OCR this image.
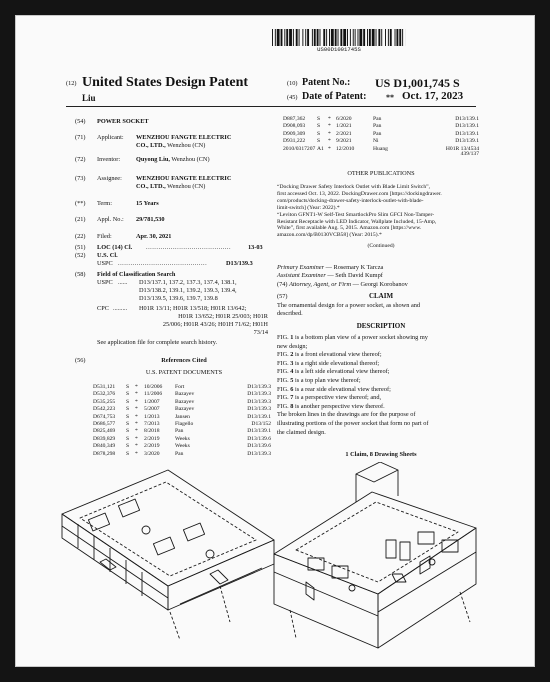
US00D1001745S
(12) United States Design Patent	(10) Patent No.: US D1,001,745 S
Liu	(45) Date of Patent: ** Oct. 17, 2023
(54) POWER SOCKET
(71) Applicant: WENZHOU FANGTE ELECTRIC
CO., LTD., Wenzhou (CN)
(72) Inventor:	Quyong Liu, Wenzhou (CN)
(73) Assignee: WENZHOU FANGTE ELECTRIC
CO., LTD., Wenzhou (CN)
(**) Term:	15 Years
(21) Appl. No.: 29/781,530
(22) Filed:	Apr. 30, 2021
(51) LOC (14) Cl. .........................................	13-03
(52) U.S. Cl.
USPC ...........................................	D13/139.3
(58) Field of Classification Search
USPC ...... D13/137.1, 137.2, 137.3, 137.4, 138.1,
D13/138.2, 139.1, 139.2, 139.3, 139.4,
D13/139.5, 139.6, 139.7, 139.8
CPC ......... H01R 13/11; H01R 13/518; H01R 13/642;
H01R 13/652; H01R 25/003; H01R
25/006; H01R 43/26; H01H 71/62; H01H
73/14
See application file for complete search history.
(56)	References Cited
U.S. PATENT DOCUMENTS
D531,121 S * 10/2006 Fort	D13/139.3
D532,376 S * 11/2006 Bazayev	D13/139.3
D535,255 S * 1/2007	Bazayev	D13/139.3
D542,223 S * 5/2007	Bazayev	D13/139.3
D674,753 S * 1/2013	Jansen	D13/139.1
D686,577 S * 7/2013	Flagello	D13/152
D825,469 S * 8/2018	Pan	D13/139.1
D839,829 S * 2/2019	Weeks	D13/139.6
D840,349 S * 2/2019	Weeks	D13/139.6
D878,298 S * 3/2020	Pan	D13/139.3
D887,362 S * 6/2020	Pan	D13/139.1
D908,093 S * 1/2021	Pan	D13/139.1
D909,309 S * 2/2021	Pan	D13/139.1
D931,222 S * 9/2021	Ni	D13/139.1
2010/0317207 A1 * 12/2010	Huang	H01R 13/4534
439/137
OTHER PUBLICATIONS
“Docking Drawer Safety Interlock Outlet with Blade Limit Switch”,
first accessed Oct. 13, 2022. DockingDrawer.com [https://dockingdrawer.
com/products/docking-drawer-safety-interlock-outlet-with-blade-
limit-switch] (Year: 2022).*
“Leviton GFNT1-W Self-Test SmartlockPro Slim GFCI Non-Tamper-
Resistant Receptacle with LED Indicator, Wallplate Included, 15-Amp,
White”, first available Aug. 5, 2015. Amazon.com [https://www.
amazon.com/dp/B0130VCB58] (Year: 2015).*
(Continued)
Primary Examiner — Rosemary K Tarcza
Assistant Examiner — Seth David Kumpf
(74) Attorney, Agent, or Firm — Georgi Korobanov
(57)	CLAIM
The ornamental design for a power socket, as shown and
described.
DESCRIPTION
FIG. 1 is a bottom plan view of a power socket showing my
new design;
FIG. 2 is a front elevational view thereof;
FIG. 3 is a right side elevational thereof;
FIG. 4 is a left side elevational view thereof;
FIG. 5 is a top plan view thereof;
FIG. 6 is a rear side elevational view thereof;
FIG. 7 is a perspective view thereof; and,
FIG. 8 is another perspective view thereof.
The broken lines in the drawings are for the purpose of
illustrating portions of the power socket that form no part of
the claimed design.
1 Claim, 8 Drawing Sheets
